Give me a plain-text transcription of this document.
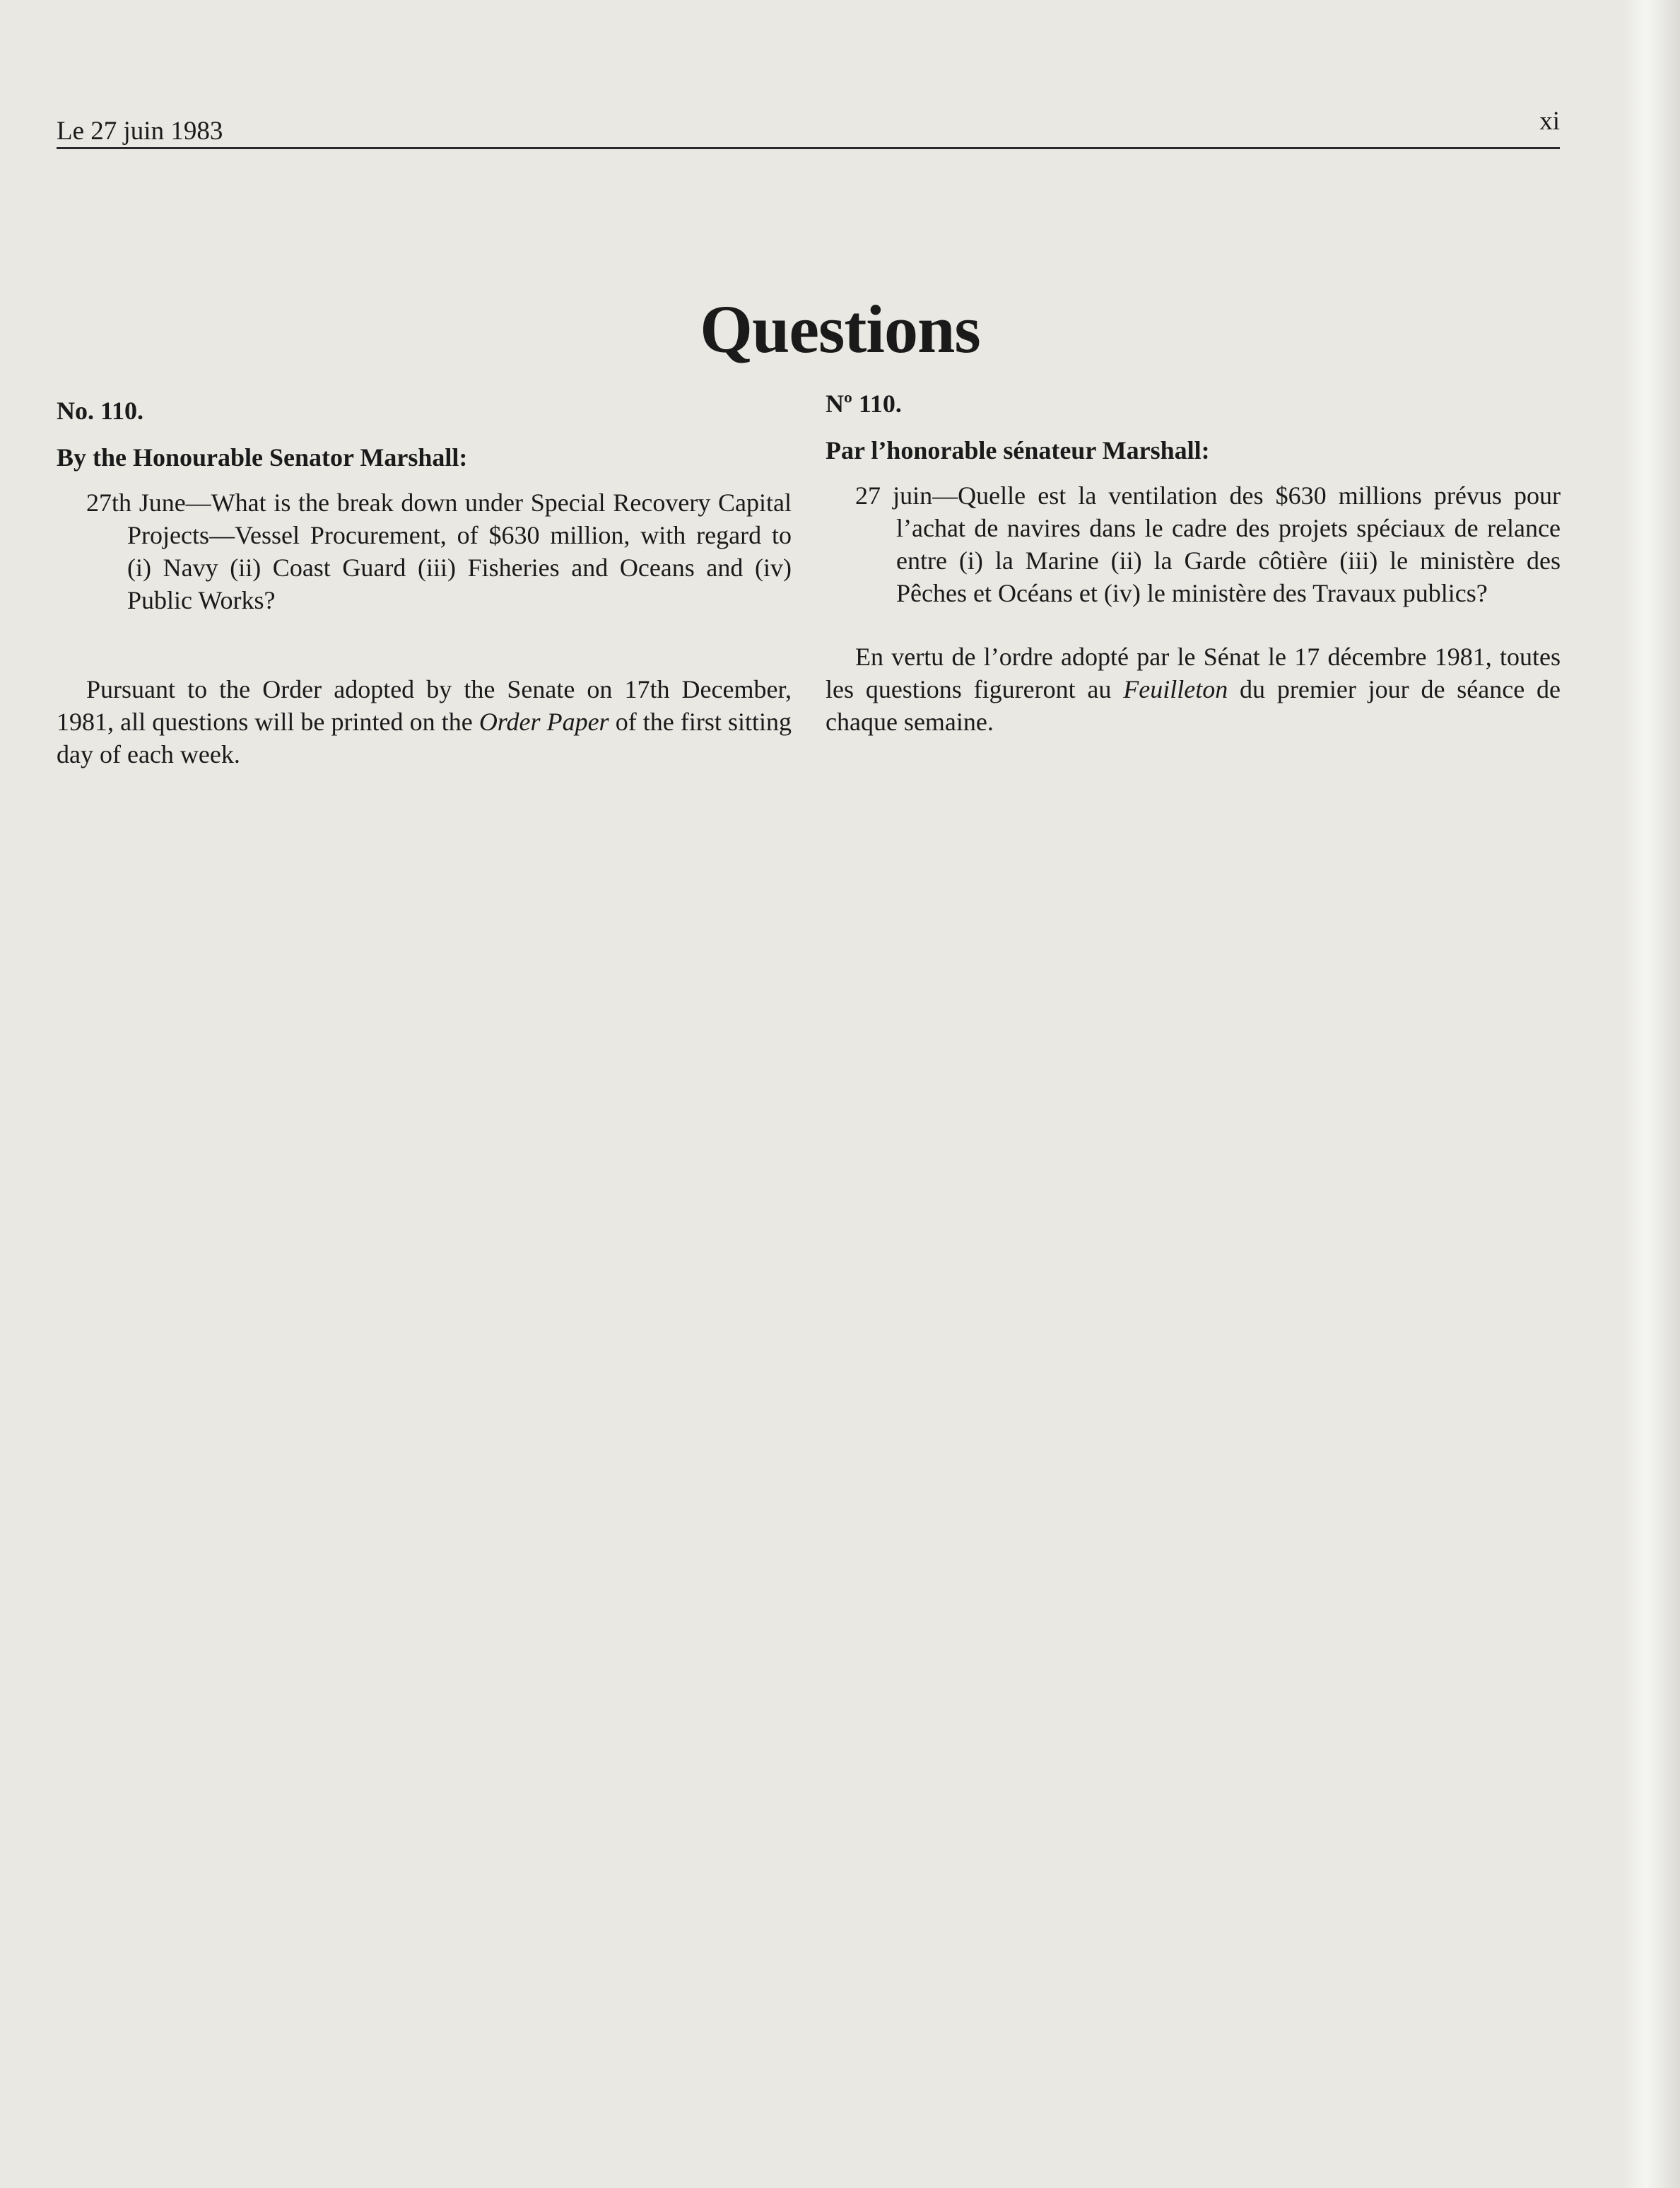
Le 27 juin 1983	xi
Questions

No. 110.

By the Honourable Senator Marshall:

27th June—What is the break down under Special Recovery Capital Projects—Vessel Procurement, of $630 million, with regard to (i) Navy (ii) Coast Guard (iii) Fisheries and Oceans and (iv) Public Works?

Pursuant to the Order adopted by the Senate on 17th December, 1981, all questions will be printed on the Order Paper of the first sitting day of each week.

Nº 110.

Par l’honorable sénateur Marshall:

27 juin—Quelle est la ventilation des $630 millions prévus pour l’achat de navires dans le cadre des projets spéciaux de relance entre (i) la Marine (ii) la Garde côtière (iii) le ministère des Pêches et Océans et (iv) le ministère des Travaux publics?

En vertu de l’ordre adopté par le Sénat le 17 décembre 1981, toutes les questions figureront au Feuilleton du premier jour de séance de chaque semaine.
